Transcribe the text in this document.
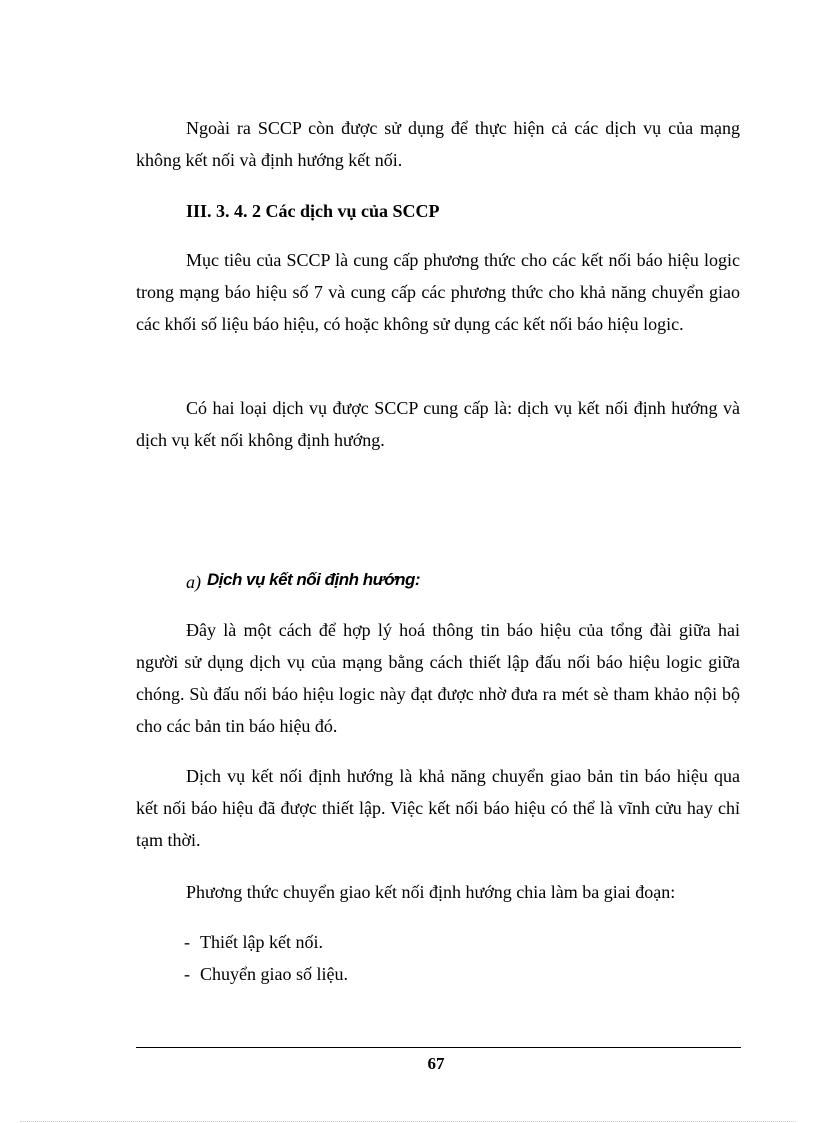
Ngoài ra SCCP còn được sử dụng để thực hiện cả các dịch vụ của mạng không kết nối và định hướng kết nối.

III. 3. 4. 2 Các dịch vụ của SCCP

Mục tiêu của SCCP là cung cấp phương thức cho các kết nối báo hiệu logic trong mạng báo hiệu số 7 và cung cấp các phương thức cho khả năng chuyển giao các khối số liệu báo hiệu, có hoặc không sử dụng các kết nối báo hiệu logic.

Có hai loại dịch vụ được SCCP cung cấp là: dịch vụ kết nối định hướng và dịch vụ kết nối không định hướng.

a) Dịch vụ kết nối định hướng:

Đây là một cách để hợp lý hoá thông tin báo hiệu của tổng đài giữa hai người sử dụng dịch vụ của mạng bằng cách thiết lập đấu nối báo hiệu logic giữa chóng. Sù đấu nối báo hiệu logic này đạt được nhờ đưa ra mét sè tham khảo nội bộ cho các bản tin báo hiệu đó.

Dịch vụ kết nối định hướng là khả năng chuyển giao bản tin báo hiệu qua kết nối báo hiệu đã được thiết lập. Việc kết nối báo hiệu có thể là vĩnh cửu hay chỉ tạm thời.

Phương thức chuyển giao kết nối định hướng chia làm ba giai đoạn:

- Thiết lập kết nối.
- Chuyển giao số liệu.
67
